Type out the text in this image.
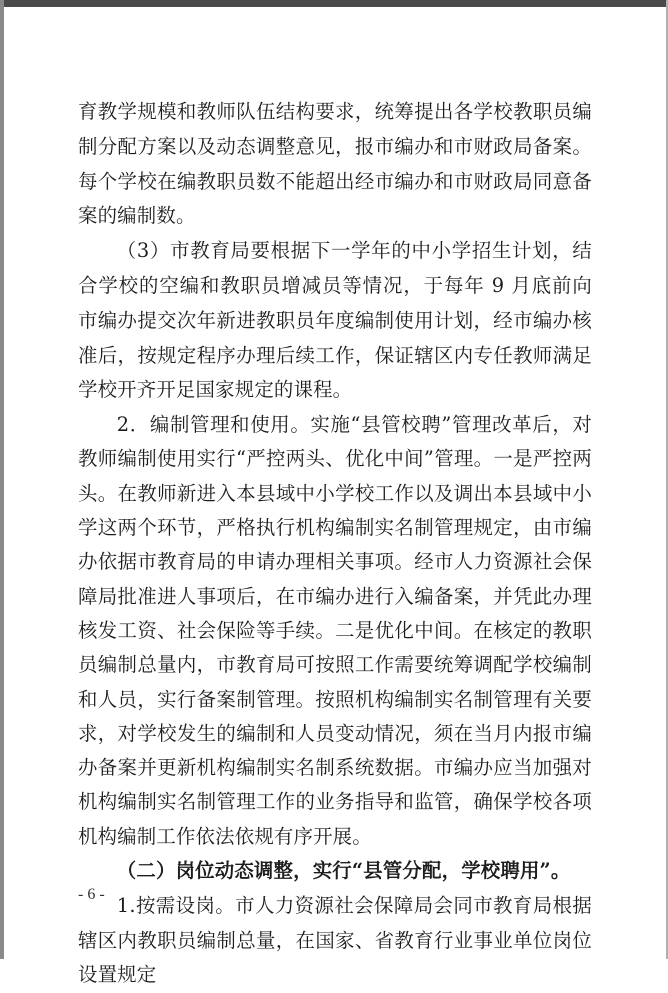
育教学规模和教师队伍结构要求，统筹提出各学校教职员编制分配方案以及动态调整意见，报市编办和市财政局备案。每个学校在编教职员数不能超出经市编办和市财政局同意备案的编制数。

（3）市教育局要根据下一学年的中小学招生计划，结合学校的空编和教职员增减员等情况，于每年 9 月底前向市编办提交次年新进教职员年度编制使用计划，经市编办核准后，按规定程序办理后续工作，保证辖区内专任教师满足学校开齐开足国家规定的课程。

2．编制管理和使用。实施“县管校聘”管理改革后，对教师编制使用实行“严控两头、优化中间”管理。一是严控两头。在教师新进入本县域中小学校工作以及调出本县域中小学这两个环节，严格执行机构编制实名制管理规定，由市编办依据市教育局的申请办理相关事项。经市人力资源社会保障局批准进人事项后，在市编办进行入编备案，并凭此办理核发工资、社会保险等手续。二是优化中间。在核定的教职员编制总量内，市教育局可按照工作需要统筹调配学校编制和人员，实行备案制管理。按照机构编制实名制管理有关要求，对学校发生的编制和人员变动情况，须在当月内报市编办备案并更新机构编制实名制系统数据。市编办应当加强对机构编制实名制管理工作的业务指导和监管，确保学校各项机构编制工作依法依规有序开展。

（二）岗位动态调整，实行“县管分配，学校聘用”。

1.按需设岗。市人力资源社会保障局会同市教育局根据辖区内教职员编制总量，在国家、省教育行业事业单位岗位设置规定

- 6 -
